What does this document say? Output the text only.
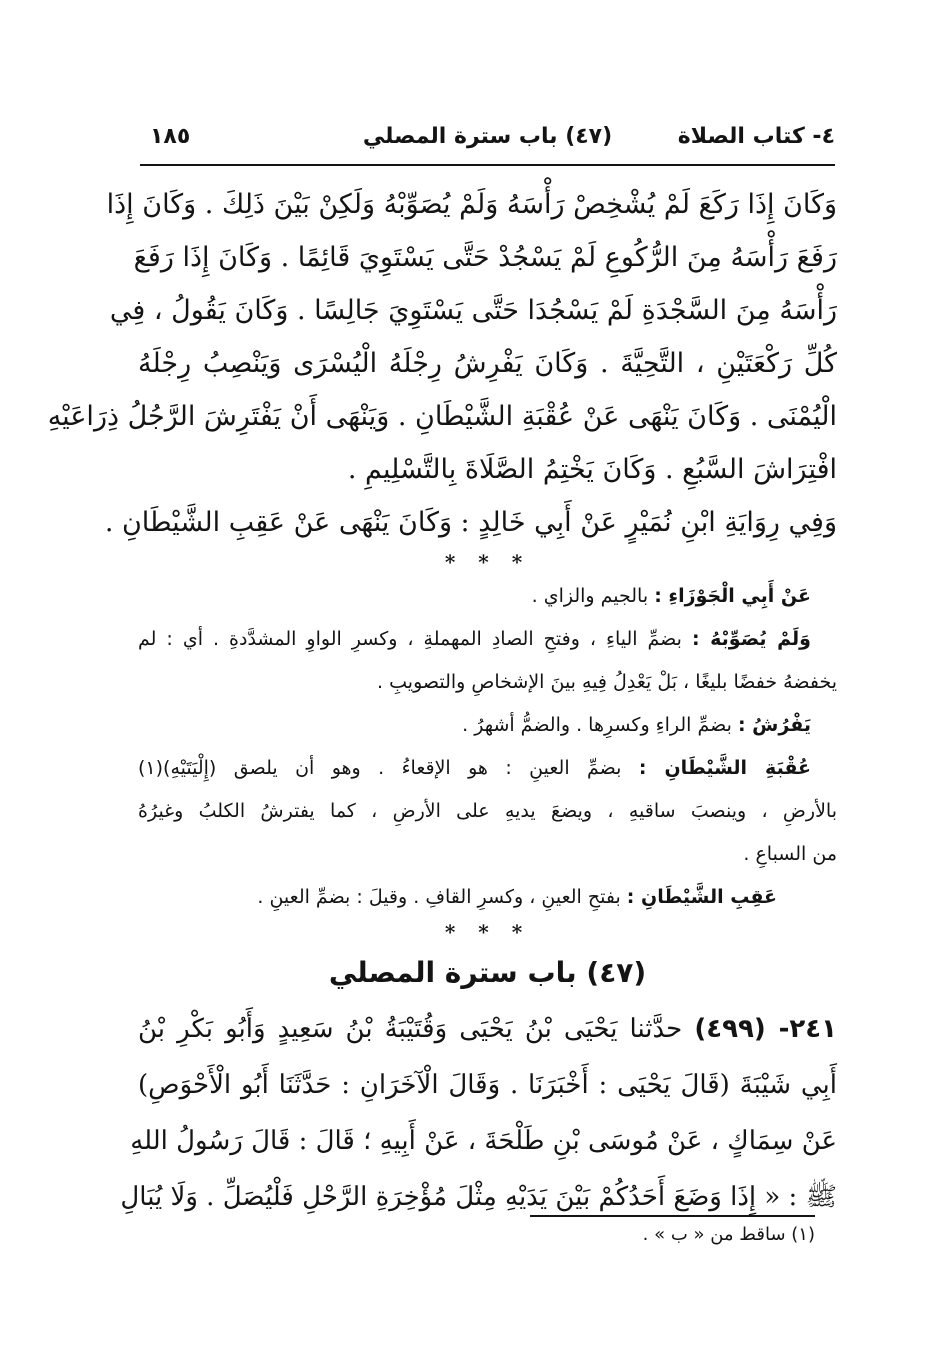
٤- كتاب الصلاة
(٤٧) باب سترة المصلي
١٨٥
وَكَانَ إِذَا رَكَعَ لَمْ يُشْخِصْ رَأْسَهُ وَلَمْ يُصَوِّبْهُ وَلَكِنْ بَيْنَ ذَلِكَ . وَكَانَ إِذَا
رَفَعَ رَأْسَهُ مِنَ الرُّكُوعِ لَمْ يَسْجُدْ حَتَّى يَسْتَوِيَ قَائِمًا . وَكَانَ إِذَا رَفَعَ
رَأْسَهُ مِنَ السَّجْدَةِ لَمْ يَسْجُدَا حَتَّى يَسْتَوِيَ جَالِسًا . وَكَانَ يَقُولُ ، فِي
كُلِّ رَكْعَتَيْنِ ، التَّحِيَّةَ . وَكَانَ يَفْرِشُ رِجْلَهُ الْيُسْرَى وَيَنْصِبُ رِجْلَهُ
الْيُمْنَى . وَكَانَ يَنْهَى عَنْ عُقْبَةِ الشَّيْطَانِ . وَيَنْهَى أَنْ يَفْتَرِشَ الرَّجُلُ ذِرَاعَيْهِ
افْتِرَاشَ السَّبُعِ . وَكَانَ يَخْتِمُ الصَّلَاةَ بِالتَّسْلِيمِ .
وَفِي رِوَايَةِ ابْنِ نُمَيْرٍ عَنْ أَبِي خَالِدٍ : وَكَانَ يَنْهَى عَنْ عَقِبِ الشَّيْطَانِ .
* * *
عَنْ أَبِي الْجَوْزَاءِ : بالجيم والزاي .
وَلَمْ يُصَوِّبْهُ : بضمِّ الياءِ ، وفتحِ الصادِ المهملةِ ، وكسرِ الواوِ المشدَّدةِ . أي : لم
يخفضهُ خفضًا بليغًا ، بَلْ يَعْدِلُ فِيهِ بينَ الإشخاصِ والتصويبِ .
يَفْرُشُ : بضمِّ الراءِ وكسرِها . والضمُّ أشهرُ .
عُقْبَةِ الشَّيْطَانِ : بضمِّ العينِ : هو الإقعاءُ . وهو أن يلصق (إِلْيَتَيْهِ)(١)
بالأرضِ ، وينصبَ ساقيهِ ، ويضعَ يديهِ على الأرضِ ، كما يفترشُ الكلبُ وغيرُهُ
من السباعِ .
عَقِبِ الشَّيْطَانِ : بفتحِ العينِ ، وكسرِ القافِ . وقيلَ : بضمِّ العينِ .
* * *
(٤٧) باب سترة المصلي
٢٤١- (٤٩٩) حدَّثنا يَحْيَى بْنُ يَحْيَى وَقُتَيْبَةُ بْنُ سَعِيدٍ وَأَبُو بَكْرِ بْنُ
أَبِي شَيْبَةَ (قَالَ يَحْيَى : أَخْبَرَنَا . وَقَالَ الْآخَرَانِ : حَدَّثَنَا أَبُو الْأَحْوَصِ)
عَنْ سِمَاكٍ ، عَنْ مُوسَى بْنِ طَلْحَةَ ، عَنْ أَبِيهِ ؛ قَالَ : قَالَ رَسُولُ اللهِ
ﷺ : « إِذَا وَضَعَ أَحَدُكُمْ بَيْنَ يَدَيْهِ مِثْلَ مُؤْخِرَةِ الرَّحْلِ فَلْيُصَلِّ . وَلَا يُبَالِ
(١) ساقط من « ب » .
